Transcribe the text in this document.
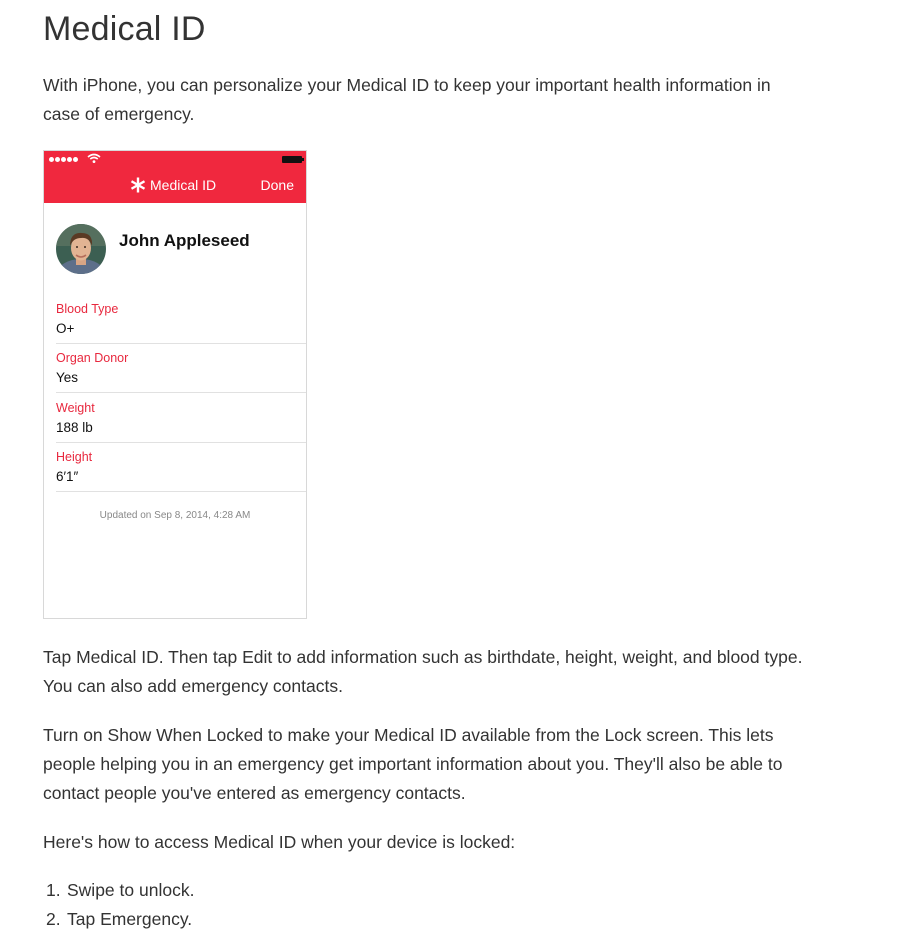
Medical ID

With iPhone, you can personalize your Medical ID to keep your important health information in case of emergency.

Medical ID	Done
John Appleseed
Blood Type
O+
Organ Donor
Yes
Weight
188 lb
Height
6′1″
Updated on Sep 8, 2014, 4:28 AM

Tap Medical ID. Then tap Edit to add information such as birthdate, height, weight, and blood type. You can also add emergency contacts.

Turn on Show When Locked to make your Medical ID available from the Lock screen. This lets people helping you in an emergency get important information about you. They'll also be able to contact people you've entered as emergency contacts.

Here's how to access Medical ID when your device is locked:

1. Swipe to unlock.
2. Tap Emergency.
